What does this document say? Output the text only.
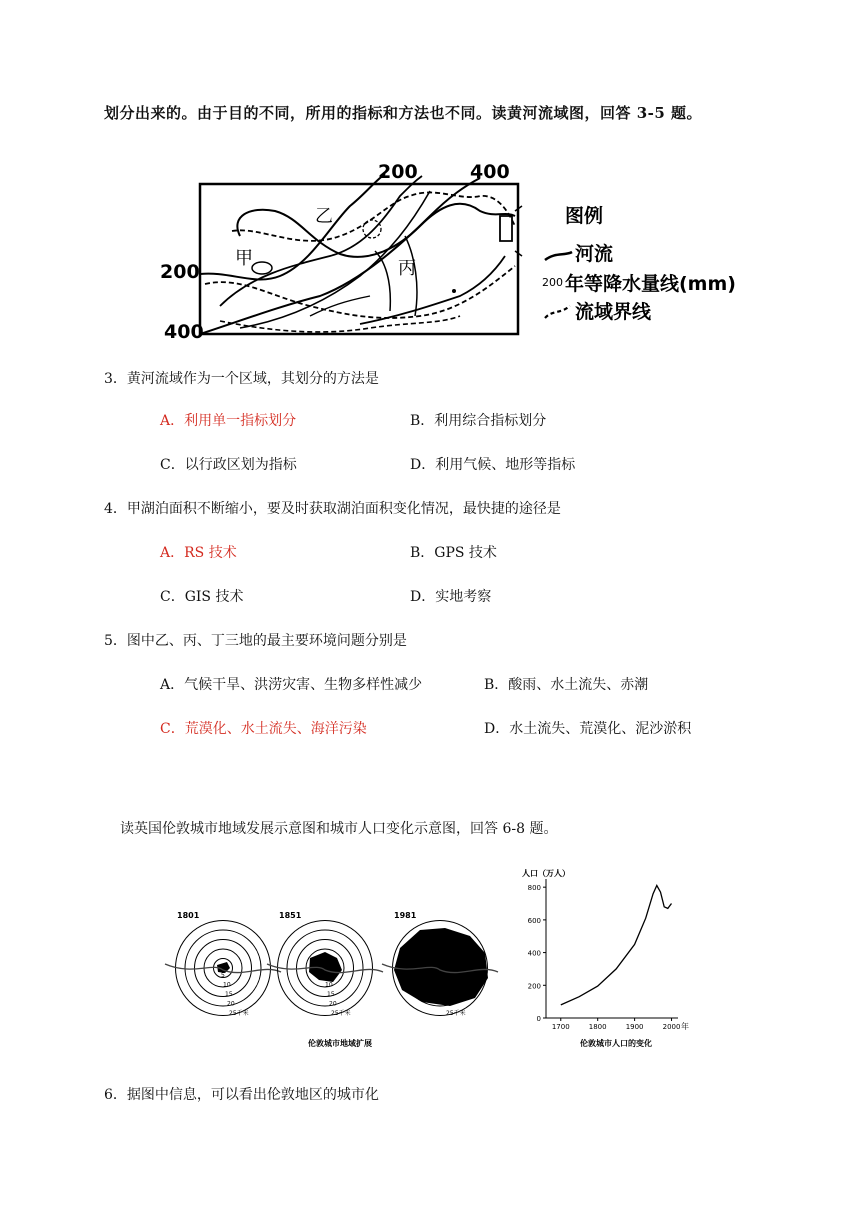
划分出来的。由于目的不同，所用的指标和方法也不同。读黄河流域图，回答 3-5 题。
200	400
200
400
甲
乙
丙
图例
河流
200 年等降水量线(mm)
流域界线
3．黄河流域作为一个区域，其划分的方法是
A．利用单一指标划分	B．利用综合指标划分
C．以行政区划为指标	D．利用气候、地形等指标
4．甲湖泊面积不断缩小，要及时获取湖泊面积变化情况，最快捷的途径是
A．RS 技术	B．GPS 技术
C．GIS 技术	D．实地考察
5．图中乙、丙、丁三地的最主要环境问题分别是
A．气候干旱、洪涝灾害、生物多样性减少	B．酸雨、水土流失、赤潮
C．荒漠化、水土流失、海洋污染	D．水土流失、荒漠化、泥沙淤积
读英国伦敦城市地域发展示意图和城市人口变化示意图，回答 6-8 题。
伦敦城市地域扩展
1801
5
10
15
20
25千米
1851
5
10
15
20
25千米
1981
5
10
15
20
25千米
人口（万人）
年
伦敦城市人口的变化
0
200
400
600
800
1700	1800	1900	2000
6．据图中信息，可以看出伦敦地区的城市化
